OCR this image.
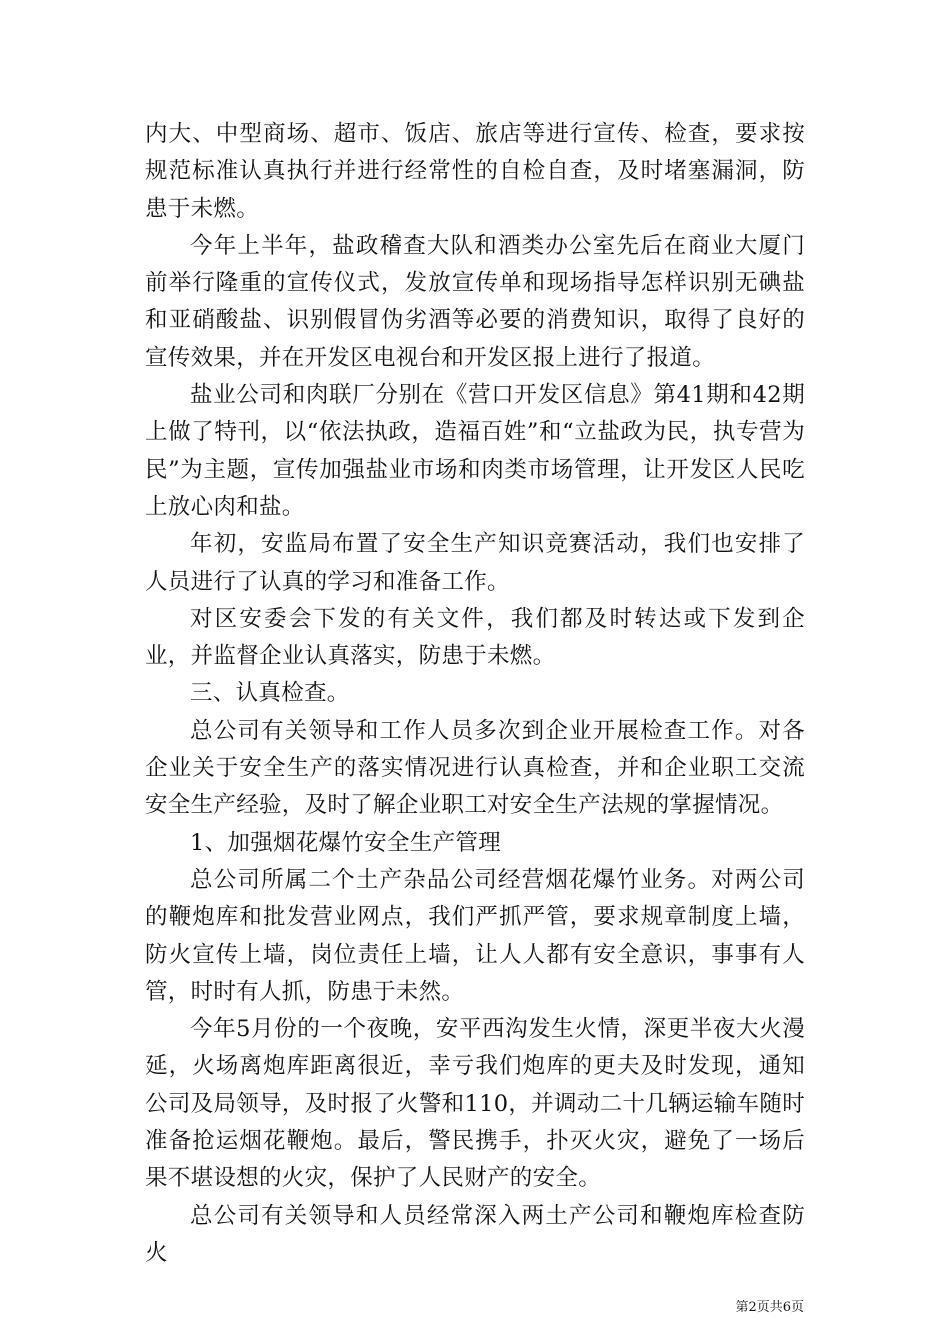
内大、中型商场、超市、饭店、旅店等进行宣传、检查，要求按规范标准认真执行并进行经常性的自检自查，及时堵塞漏洞，防患于未燃。

今年上半年，盐政稽查大队和酒类办公室先后在商业大厦门前举行隆重的宣传仪式，发放宣传单和现场指导怎样识别无碘盐和亚硝酸盐、识别假冒伪劣酒等必要的消费知识，取得了良好的宣传效果，并在开发区电视台和开发区报上进行了报道。

盐业公司和肉联厂分别在《营口开发区信息》第41期和42期上做了特刊，以“依法执政，造福百姓”和“立盐政为民，执专营为民”为主题，宣传加强盐业市场和肉类市场管理，让开发区人民吃上放心肉和盐。

年初，安监局布置了安全生产知识竞赛活动，我们也安排了人员进行了认真的学习和准备工作。

对区安委会下发的有关文件，我们都及时转达或下发到企业，并监督企业认真落实，防患于未燃。

三、认真检查。

总公司有关领导和工作人员多次到企业开展检查工作。对各企业关于安全生产的落实情况进行认真检查，并和企业职工交流安全生产经验，及时了解企业职工对安全生产法规的掌握情况。

1、加强烟花爆竹安全生产管理

总公司所属二个土产杂品公司经营烟花爆竹业务。对两公司的鞭炮库和批发营业网点，我们严抓严管，要求规章制度上墙，防火宣传上墙，岗位责任上墙，让人人都有安全意识，事事有人管，时时有人抓，防患于未然。

今年5月份的一个夜晚，安平西沟发生火情，深更半夜大火漫延，火场离炮库距离很近，幸亏我们炮库的更夫及时发现，通知公司及局领导，及时报了火警和110，并调动二十几辆运输车随时准备抢运烟花鞭炮。最后，警民携手，扑灭火灾，避免了一场后果不堪设想的火灾，保护了人民财产的安全。

总公司有关领导和人员经常深入两土产公司和鞭炮库检查防火

第2页共6页
